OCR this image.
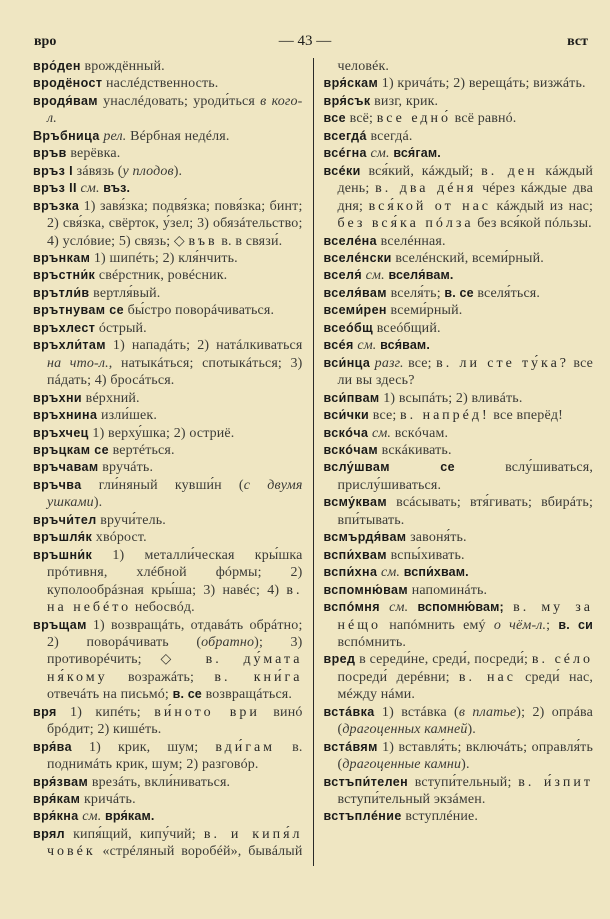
вро	— 43 —	вст

вро́ден врождённый.

вродёност наслéдственность.

вродя́вам унаслéдовать; уроди́ться в кого-л.

Връбница рел. Вéрбная недéля.

връв верёвка.

връз I зáвязь (у плодов).

връз II см. въз.

връзка 1) завя́зка; подвя́зка; повя́зка; бинт; 2) свя́зка, свёрток, у́зел; 3) обязáтельство; 4) услóвие; 5) связь; ◇ във в. в связи́.

врънкам 1) шипéть; 2) кля́нчить.

връстни́к свéрстник, ровéсник.

врътли́в вертля́вый.

врътнувам се бы́стро поворáчиваться.

връхлест óстрый.

връхли́там 1) нападáть; 2) натáлкиваться на что-л., натыкáться; спотыкáться; 3) пáдать; 4) бросáться.

връхни вéрхний.

връхнина изли́шек.

връхчец 1) верху́шка; 2) остриё.

връцкам се вертéться.

връчавам вручáть.

връчва гли́няный кувши́н (с двумя ушками).

връчи́тел вручи́тель.

връшля́к хвóрост.

връшни́к 1) металли́ческая кры́шка прóтивня, хлéбной фóрмы; 2) куполообрáзная кры́ша; 3) навéс; 4) в. на небéто небосвóд.

връщам 1) возвращáть, отдавáть обрáтно; 2) поворáчивать (обратно); 3) противорéчить; ◇ в. ду́мата ня́кому возражáть; в. кни́га отвечáть на письмó; в. се возвращáться.

вря 1) кипéть; ви́ното ври винó брóдит; 2) кишéть.

вря́ва 1) крик, шум; вди́гам в. поднимáть крик, шум; 2) разговóр.

вря́звам врезáть, вкли́ниваться.

вря́кам кричáть.

вря́кна см. вря́кам.

врял кипя́щий, кипу́чий; в. и кипя́л човéк «стрéляный воробéй», бывáлый человéк.

вря́скам 1) кричáть; 2) верещáть; визжáть.

вря́сък визг, крик.

все всё; все едно́ всё равнó.

всегдá всегдá.

всéгна см. вся́гам.

всéки вся́кий, кáждый; в. ден кáждый день; в. два дéня чéрез кáждые два дня; вся́кой от нас кáждый из нас; без вся́ка пóлза без вся́кой пóльзы.

вселéна вселéнная.

вселéнски вселéнский, всеми́рный.

вселя́ см. вселя́вам.

вселя́вам вселя́ть; в. се вселя́ться.

всеми́рен всеми́рный.

всеóбщ всеóбщий.

всéя см. вся́вам.

вси́нца разг. все; в. ли сте ту́ка? все ли вы здесь?

вси́пвам 1) всыпáть; 2) вливáть.

вси́чки все; в. напрéд! все вперёд!

вскóча см. вскóчам.

вскóчам вскáкивать.

вслу́швам се вслу́шиваться, прислу́шиваться.

всму́квам всáсывать; втя́гивать; вбирáть; впи́тывать.

всмърдя́вам завоня́ть.

вспи́хвам вспы́хивать.

вспи́хна см. вспи́хвам.

вспомню́вам напоминáть.

вспóмня см. вспомню́вам; в. му за нéщо напóмнить емý о чём-л.; в. си вспóмнить.

вред в середи́не, среди́, посреди́; в. сéло посреди́ дерéвни; в. нас среди́ нас, мéжду нáми.

встáвка 1) встáвка (в платье); 2) опрáва (драгоценных камней).

встáвям 1) вставля́ть; включáть; оправля́ть (драгоценные камни).

встъпи́телен вступи́тельный; в. и́зпит вступи́тельный экзáмен.

встъплéние вступлéние.
